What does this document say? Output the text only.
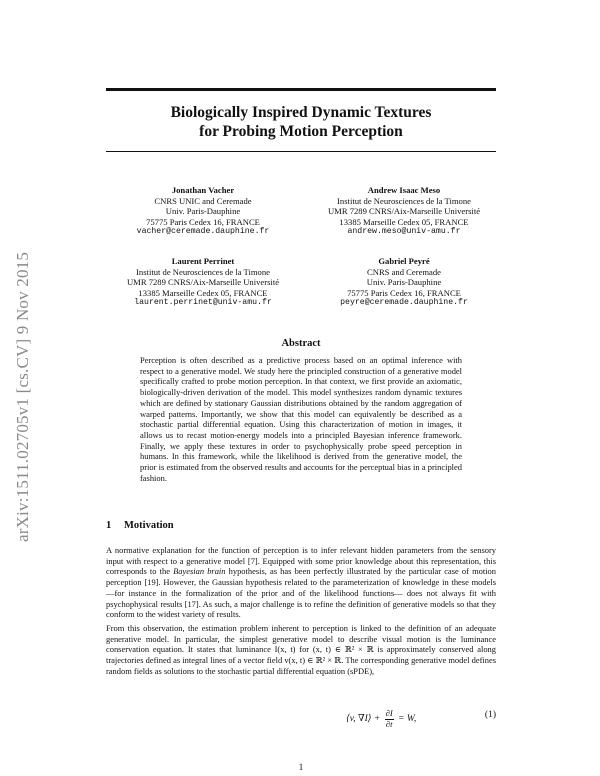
arXiv:1511.02705v1 [cs.CV] 9 Nov 2015
Biologically Inspired Dynamic Textures
for Probing Motion Perception
Jonathan Vacher
CNRS UNIC and Ceremade
Univ. Paris-Dauphine
75775 Paris Cedex 16, FRANCE
vacher@ceremade.dauphine.fr
Andrew Isaac Meso
Institut de Neurosciences de la Timone
UMR 7289 CNRS/Aix-Marseille Université
13385 Marseille Cedex 05, FRANCE
andrew.meso@univ-amu.fr
Laurent Perrinet
Institut de Neurosciences de la Timone
UMR 7289 CNRS/Aix-Marseille Université
13385 Marseille Cedex 05, FRANCE
laurent.perrinet@univ-amu.fr
Gabriel Peyré
CNRS and Ceremade
Univ. Paris-Dauphine
75775 Paris Cedex 16, FRANCE
peyre@ceremade.dauphine.fr
Abstract

Perception is often described as a predictive process based on an optimal inference with respect to a generative model. We study here the principled construction of a generative model specifically crafted to probe motion perception. In that context, we first provide an axiomatic, biologically-driven derivation of the model. This model synthesizes random dynamic textures which are defined by stationary Gaussian distributions obtained by the random aggregation of warped patterns. Importantly, we show that this model can equivalently be described as a stochastic partial differential equation. Using this characterization of motion in images, it allows us to recast motion-energy models into a principled Bayesian inference framework. Finally, we apply these textures in order to psychophysically probe speed perception in humans. In this framework, while the likelihood is derived from the generative model, the prior is estimated from the observed results and accounts for the perceptual bias in a principled fashion.

1 Motivation

A normative explanation for the function of perception is to infer relevant hidden parameters from the sensory input with respect to a generative model [7]. Equipped with some prior knowledge about this representation, this corresponds to the Bayesian brain hypothesis, as has been perfectly illustrated by the particular case of motion perception [19]. However, the Gaussian hypothesis related to the parameterization of knowledge in these models —for instance in the formalization of the prior and of the likelihood functions— does not always fit with psychophysical results [17]. As such, a major challenge is to refine the definition of generative models so that they conform to the widest variety of results.

From this observation, the estimation problem inherent to perception is linked to the definition of an adequate generative model. In particular, the simplest generative model to describe visual motion is the luminance conservation equation. It states that luminance I(x, t) for (x, t) ∈ ℝ² × ℝ is approximately conserved along trajectories defined as integral lines of a vector field v(x, t) ∈ ℝ² × ℝ. The corresponding generative model defines random fields as solutions to the stochastic partial differential equation (sPDE),

⟨v, ∇I⟩ + $\frac{\partial I}{\partial t} = W$,	(1)
1
